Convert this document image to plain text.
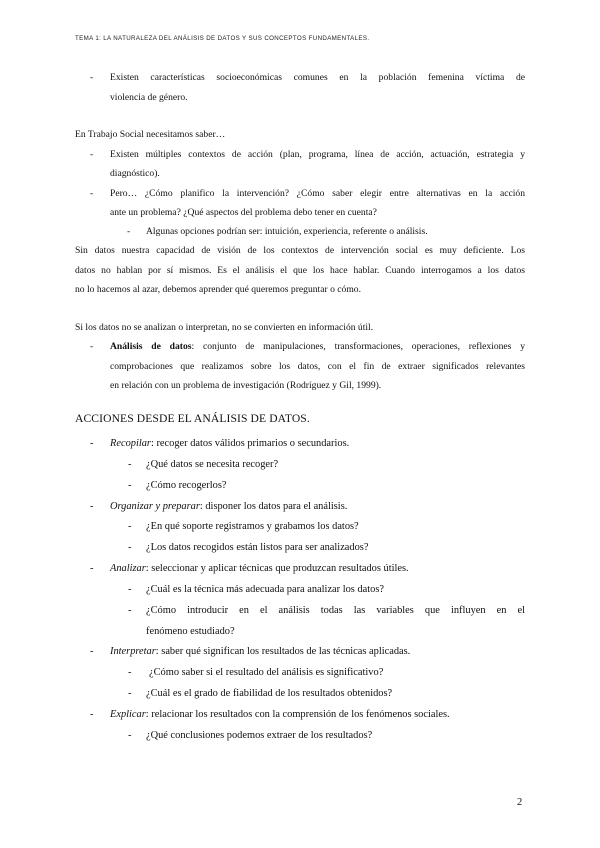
TEMA 1: LA NATURALEZA DEL ANÁLISIS DE DATOS Y SUS CONCEPTOS FUNDAMENTALES.
- Existen características socioeconómicas comunes en la población femenina víctima de
violencia de género.
En Trabajo Social necesitamos saber…
- Existen múltiples contextos de acción (plan, programa, línea de acción, actuación, estrategia y
diagnóstico).
- Pero… ¿Cómo planifico la intervención? ¿Cómo saber elegir entre alternativas en la acción
ante un problema? ¿Qué aspectos del problema debo tener en cuenta?
- Algunas opciones podrían ser: intuición, experiencia, referente o análisis.
Sin datos nuestra capacidad de visión de los contextos de intervención social es muy deficiente. Los
datos no hablan por sí mismos. Es el análisis el que los hace hablar. Cuando interrogamos a los datos
no lo hacemos al azar, debemos aprender qué queremos preguntar o cómo.
Si los datos no se analizan o interpretan, no se convierten en información útil.
- Análisis de datos: conjunto de manipulaciones, transformaciones, operaciones, reflexiones y
comprobaciones que realizamos sobre los datos, con el fin de extraer significados relevantes
en relación con un problema de investigación (Rodríguez y Gil, 1999).
ACCIONES DESDE EL ANÁLISIS DE DATOS.
- Recopilar: recoger datos válidos primarios o secundarios.
- ¿Qué datos se necesita recoger?
- ¿Cómo recogerlos?
- Organizar y preparar: disponer los datos para el análisis.
- ¿En qué soporte registramos y grabamos los datos?
- ¿Los datos recogidos están listos para ser analizados?
- Analizar: seleccionar y aplicar técnicas que produzcan resultados útiles.
- ¿Cuál es la técnica más adecuada para analizar los datos?
- ¿Cómo introducir en el análisis todas las variables que influyen en el
fenómeno estudiado?
- Interpretar: saber qué significan los resultados de las técnicas aplicadas.
- ¿Cómo saber si el resultado del análisis es significativo?
- ¿Cuál es el grado de fiabilidad de los resultados obtenidos?
- Explicar: relacionar los resultados con la comprensión de los fenómenos sociales.
- ¿Qué conclusiones podemos extraer de los resultados?
2
